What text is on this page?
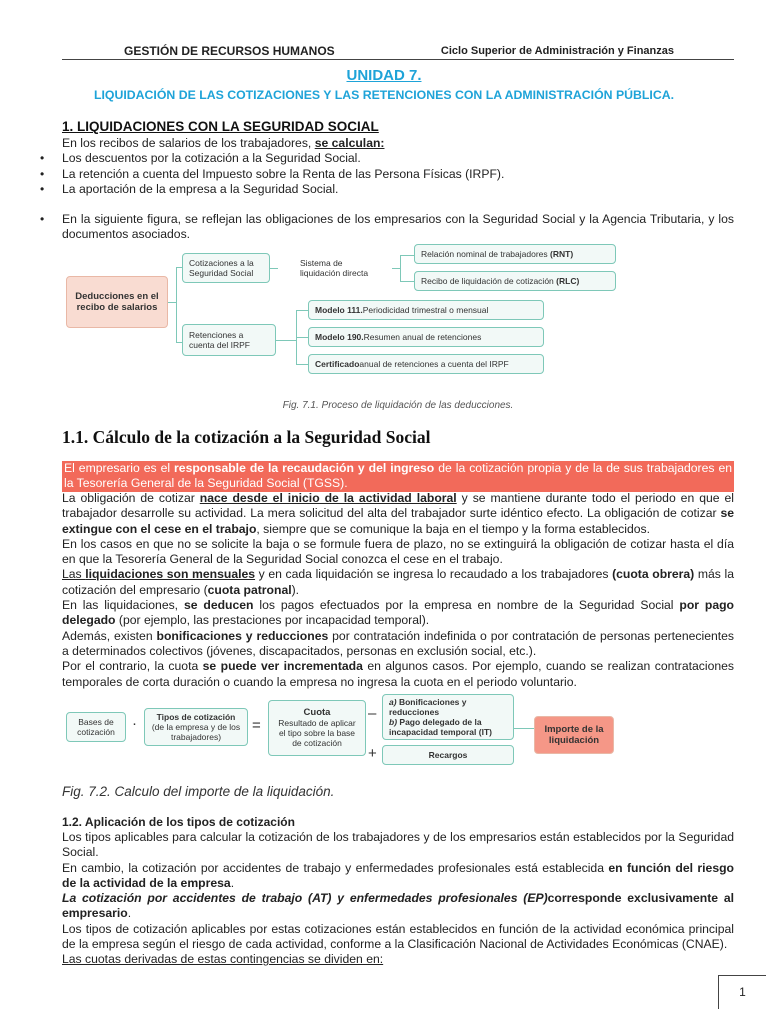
GESTIÓN DE RECURSOS HUMANOS	Ciclo Superior de Administración y Finanzas
UNIDAD 7.
LIQUIDACIÓN DE LAS COTIZACIONES Y LAS RETENCIONES CON LA ADMINISTRACIÓN PÚBLICA.
1. LIQUIDACIONES CON LA SEGURIDAD SOCIAL
En los recibos de salarios de los trabajadores, se calculan:
• Los descuentos por la cotización a la Seguridad Social.
• La retención a cuenta del Impuesto sobre la Renta de las Persona Físicas (IRPF).
• La aportación de la empresa a la Seguridad Social.
• En la siguiente figura, se reflejan las obligaciones de los empresarios con la Seguridad Social y la Agencia Tributaria, y los documentos asociados.
Deducciones en el recibo de salarios
Cotizaciones a la Seguridad Social
Sistema de liquidación directa
Relación nominal de trabajadores
(RNT)
Recibo de liquidación de cotización
(RLC)
Retenciones a cuenta del IRPF
Modelo 111. Periodicidad trimestral o mensual
Modelo 190. Resumen anual de retenciones
Certificado anual de retenciones a cuenta del IRPF
Fig. 7.1. Proceso de liquidación de las deducciones.
1.1. Cálculo de la cotización a la Seguridad Social
El empresario es el responsable de la recaudación y del ingreso de la cotización propia y de la de sus trabajadores en la Tesorería General de la Seguridad Social (TGSS).

La obligación de cotizar nace desde el inicio de la actividad laboral y se mantiene durante todo el periodo en que el trabajador desarrolle su actividad. La mera solicitud del alta del trabajador surte idéntico efecto. La obligación de cotizar se extingue con el cese en el trabajo, siempre que se comunique la baja en el tiempo y la forma establecidos.

En los casos en que no se solicite la baja o se formule fuera de plazo, no se extinguirá la obligación de cotizar hasta el día en que la Tesorería General de la Seguridad Social conozca el cese en el trabajo.

Las liquidaciones son mensuales y en cada liquidación se ingresa lo recaudado a los trabajadores (cuota obrera) más la cotización del empresario (cuota patronal).

En las liquidaciones, se deducen los pagos efectuados por la empresa en nombre de la Seguridad Social por pago delegado (por ejemplo, las prestaciones por incapacidad temporal).

Además, existen bonificaciones y reducciones por contratación indefinida o por contratación de personas pertenecientes a determinados colectivos (jóvenes, discapacitados, personas en exclusión social, etc.).

Por el contrario, la cuota se puede ver incrementada en algunos casos. Por ejemplo, cuando se realizan contrataciones temporales de corta duración o cuando la empresa no ingresa la cuota en el periodo voluntario.

Bases de cotización	· Tipos de cotización
(de la empresa y de los trabajadores)
=
Cuota
Resultado de aplicar el tipo sobre la base de cotización
–
+
a) Bonificaciones y reducciones
b) Pago delegado de la incapacidad temporal (IT)
Recargos
Importe de la liquidación
Fig. 7.2. Calculo del importe de la liquidación.
1.2. Aplicación de los tipos de cotización

Los tipos aplicables para calcular la cotización de los trabajadores y de los empresarios están establecidos por la Seguridad Social.

En cambio, la cotización por accidentes de trabajo y enfermedades profesionales está establecida en función del riesgo de la actividad de la empresa.

La cotización por accidentes de trabajo (AT) y enfermedades profesionales (EP)corresponde exclusivamente al empresario.

Los tipos de cotización aplicables por estas cotizaciones están establecidos en función de la actividad económica principal de la empresa según el riesgo de cada actividad, conforme a la Clasificación Nacional de Actividades Económicas (CNAE).

Las cuotas derivadas de estas contingencias se dividen en:

1
